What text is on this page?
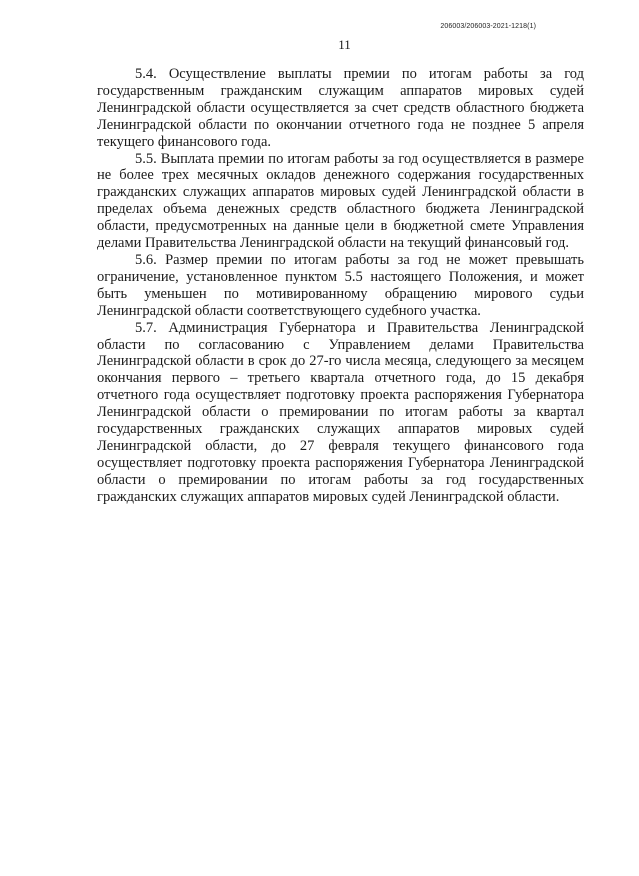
206003/206003-2021-1218(1)
11

5.4. Осуществление выплаты премии по итогам работы за год государственным гражданским служащим аппаратов мировых судей Ленинградской области осуществляется за счет средств областного бюджета Ленинградской области по окончании отчетного года не позднее 5 апреля текущего финансового года.

5.5. Выплата премии по итогам работы за год осуществляется в размере не более трех месячных окладов денежного содержания государственных гражданских служащих аппаратов мировых судей Ленинградской области в пределах объема денежных средств областного бюджета Ленинградской области, предусмотренных на данные цели в бюджетной смете Управления делами Правительства Ленинградской области на текущий финансовый год.

5.6. Размер премии по итогам работы за год не может превышать ограничение, установленное пунктом 5.5 настоящего Положения, и может быть уменьшен по мотивированному обращению мирового судьи Ленинградской области соответствующего судебного участка.

5.7. Администрация Губернатора и Правительства Ленинградской области по согласованию с Управлением делами Правительства Ленинградской области в срок до 27-го числа месяца, следующего за месяцем окончания первого – третьего квартала отчетного года, до 15 декабря отчетного года осуществляет подготовку проекта распоряжения Губернатора Ленинградской области о премировании по итогам работы за квартал государственных гражданских служащих аппаратов мировых судей Ленинградской области, до 27 февраля текущего финансового года осуществляет подготовку проекта распоряжения Губернатора Ленинградской области о премировании по итогам работы за год государственных гражданских служащих аппаратов мировых судей Ленинградской области.
